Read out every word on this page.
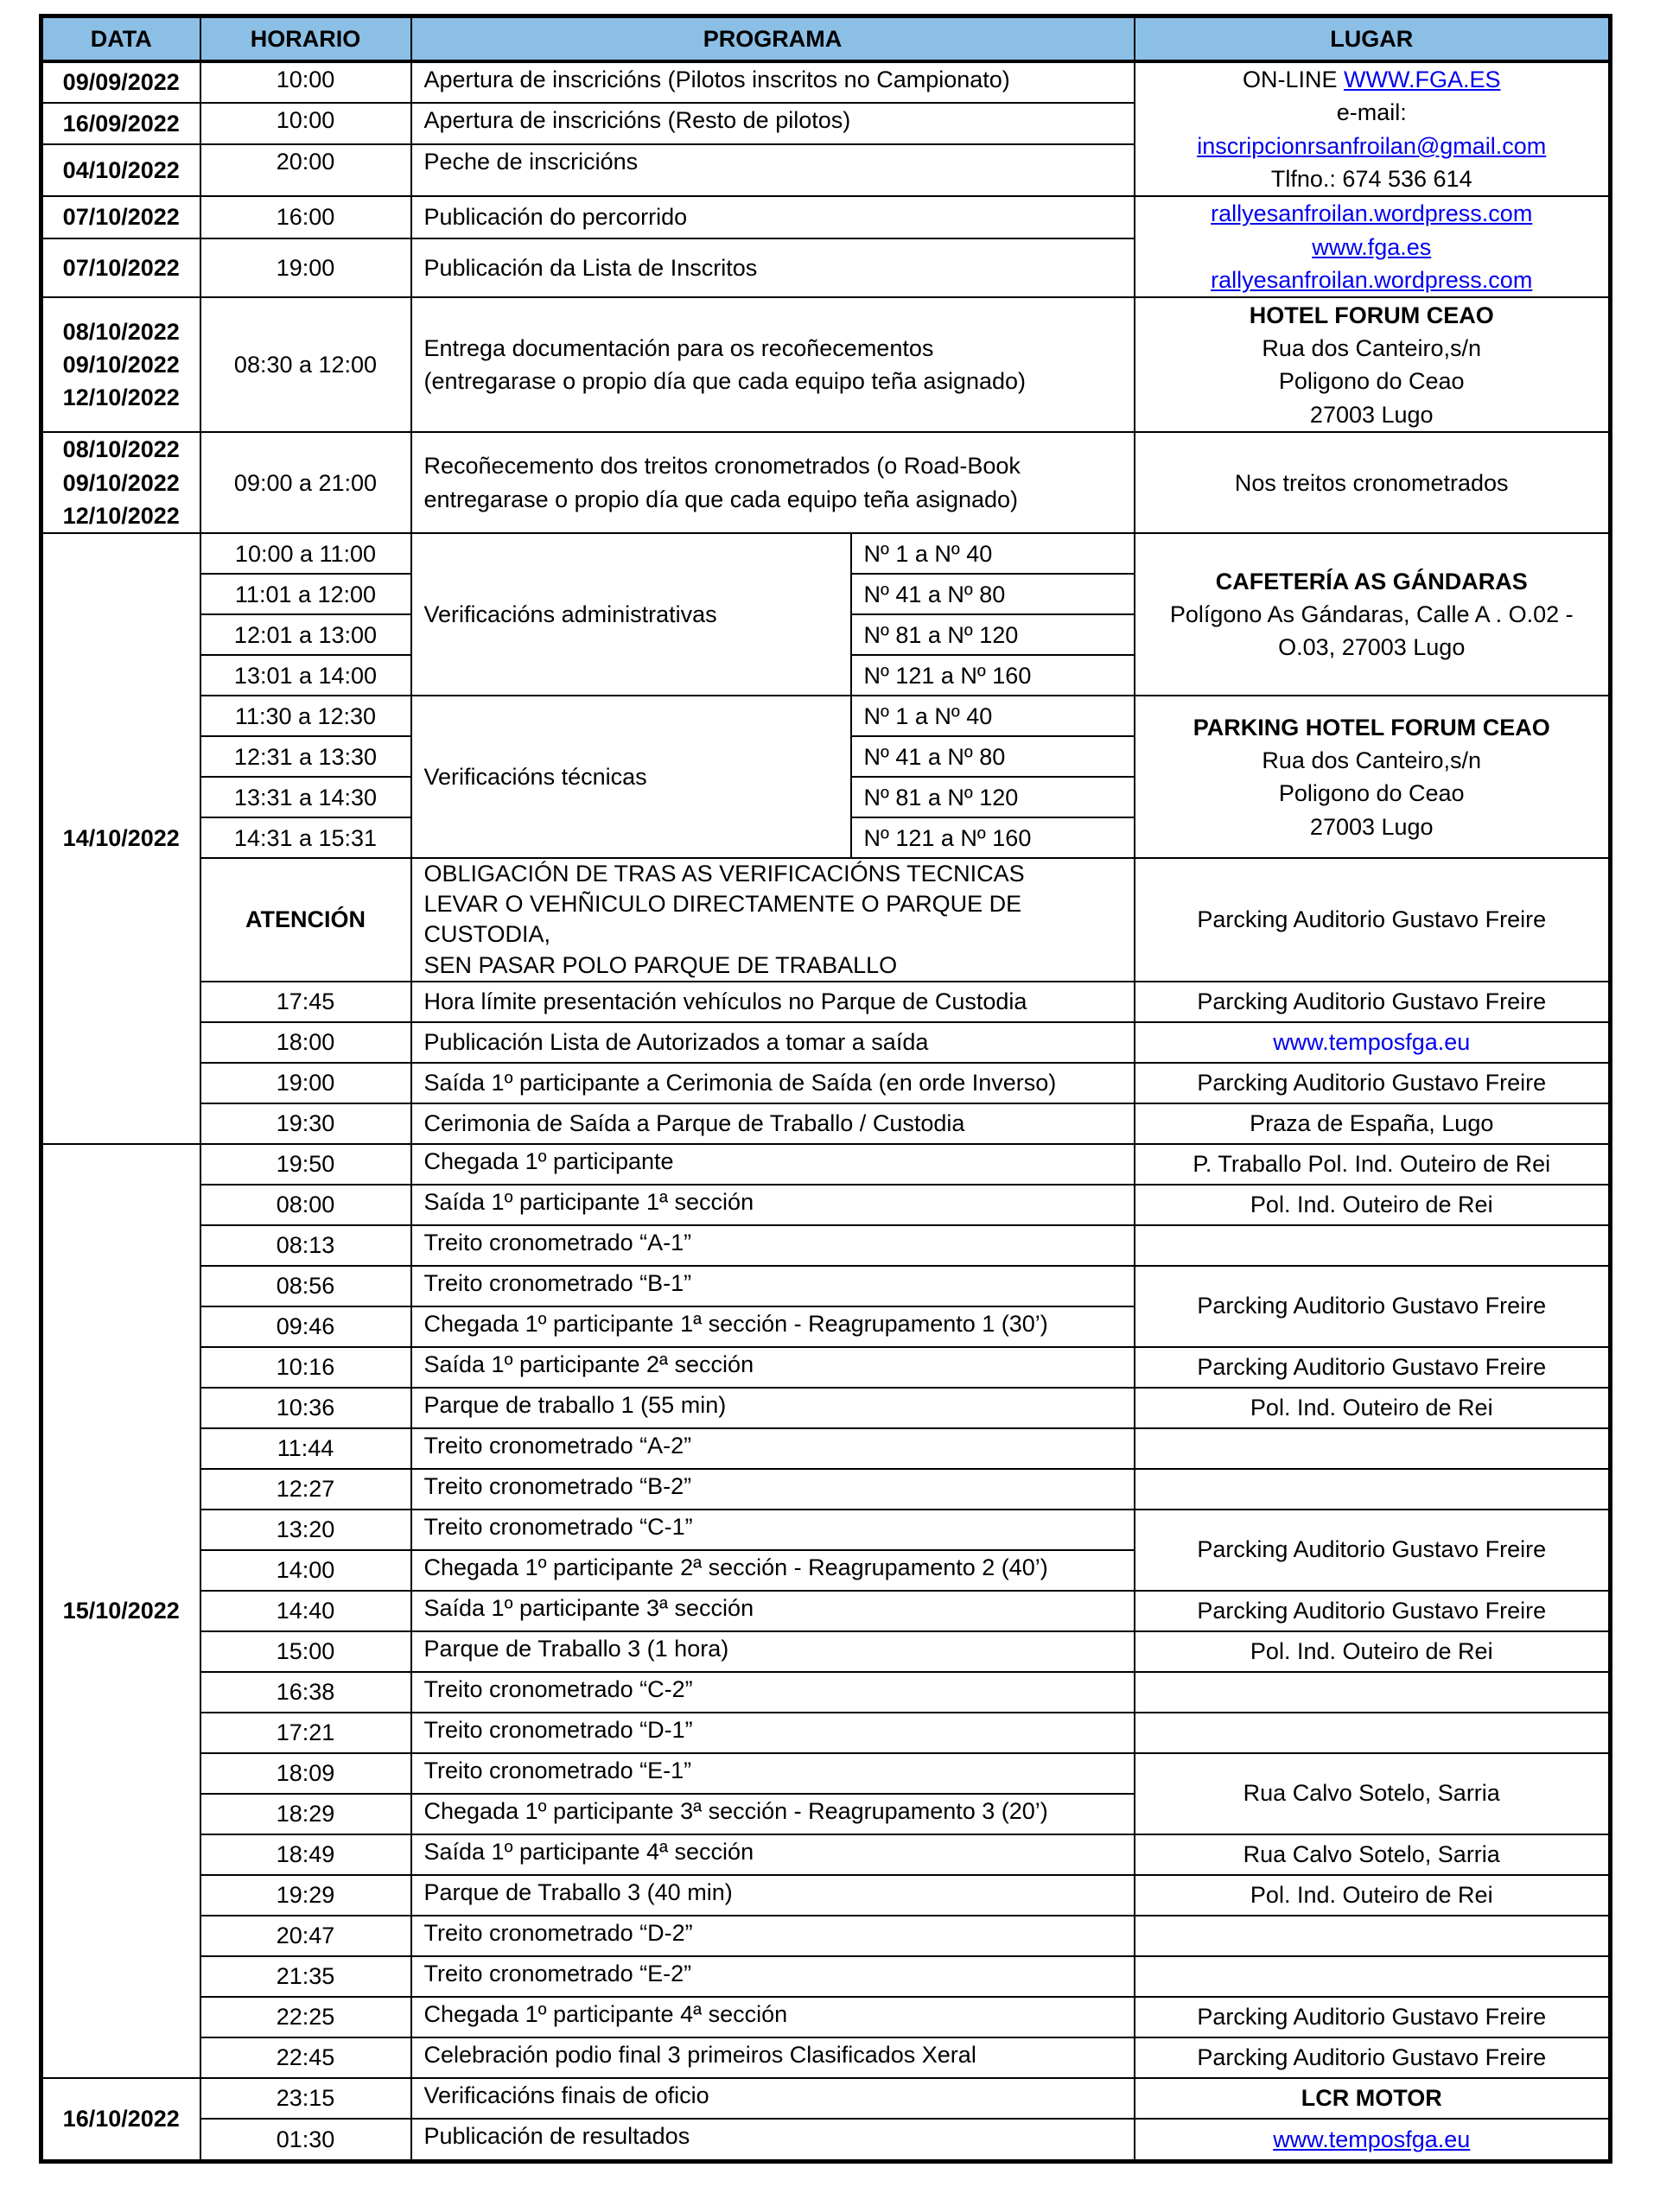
DATA	HORARIO	PROGRAMA		LUGAR
09/09/2022	10:00	Apertura de inscricións (Pilotos inscritos no Campionato)		ON-LINE WWW.FGA.ES
e-mail:
inscripcionrsanfroilan@gmail.com
Tlfno.: 674 536 614

16/09/2022	10:00	Apertura de inscricións (Resto de pilotos)		
04/10/2022	20:00	Peche de inscricións		
07/10/2022	16:00	Publicación do percorrido		rallyesanfroilan.wordpress.com
www.fga.es
rallyesanfroilan.wordpress.com

07/10/2022	19:00	Publicación da Lista de Inscritos		

08/10/2022
09/10/2022
12/10/2022
	08:30 a 12:00	
Entrega documentación para os recoñecementos
(entregarase o propio día que cada equipo teña asignado)

HOTEL FORUM CEAO
Rua dos Canteiro,s/n
Poligono do Ceao
27003 Lugo

08/10/2022
09/10/2022
12/10/2022
	09:00 a 21:00	
Recoñecemento dos treitos cronometrados (o Road-Book
entregarase o propio día que cada equipo teña asignado)
	Nos treitos cronometrados
14/10/2022	10:00 a 11:00	Verificacións administrativas	Nº 1 a Nº 40	CAFETERÍA AS GÁNDARAS
Polígono As Gándaras, Calle A . O.02 -
O.03, 27003 Lugo

	11:01 a 12:00		Nº 41 a Nº 80	
	12:01 a 13:00		Nº 81 a Nº 120	
	13:01 a 14:00		Nº 121 a Nº 160	
	11:30 a 12:30	Verificacións técnicas	Nº 1 a Nº 40	PARKING HOTEL FORUM CEAO
Rua dos Canteiro,s/n
Poligono do Ceao
27003 Lugo

	12:31 a 13:30		Nº 41 a Nº 80	
	13:31 a 14:30		Nº 81 a Nº 120	
	14:31 a 15:31		Nº 121 a Nº 160	
	ATENCIÓN	OBLIGACIÓN DE TRAS AS VERIFICACIÓNS TECNICAS
LEVAR O VEHÑICULO DIRECTAMENTE O PARQUE DE CUSTODIA,
SEN PASAR POLO PARQUE DE TRABALLO		Parcking Auditorio Gustavo Freire
	17:45	Hora límite presentación vehículos no Parque de Custodia		Parcking Auditorio Gustavo Freire
	18:00	Publicación Lista de Autorizados a tomar a saída		www.temposfga.eu
	19:00	Saída 1º participante a Cerimonia de Saída (en orde Inverso)		Parcking Auditorio Gustavo Freire
	19:30	Cerimonia de Saída a Parque de Traballo / Custodia		Praza de España, Lugo
15/10/2022	19:50	Chegada 1º participante		P. Traballo Pol. Ind. Outeiro de Rei
	08:00	Saída 1º participante 1ª sección		Pol. Ind. Outeiro de Rei
	08:13	Treito cronometrado “A-1”		
	08:56	Treito cronometrado “B-1”		Parcking Auditorio Gustavo Freire
	09:46	Chegada 1º participante 1ª sección - Reagrupamento 1 (30’)		
	10:16	Saída 1º participante 2ª sección		Parcking Auditorio Gustavo Freire
	10:36	Parque de traballo 1 (55 min)		Pol. Ind. Outeiro de Rei
	11:44	Treito cronometrado “A-2”		
	12:27	Treito cronometrado “B-2”		
	13:20	Treito cronometrado “C-1”		Parcking Auditorio Gustavo Freire
	14:00	Chegada 1º participante 2ª sección - Reagrupamento 2 (40’)		
	14:40	Saída 1º participante 3ª sección		Parcking Auditorio Gustavo Freire
	15:00	Parque de Traballo 3 (1 hora)		Pol. Ind. Outeiro de Rei
	16:38	Treito cronometrado “C-2”		
	17:21	Treito cronometrado “D-1”		
	18:09	Treito cronometrado “E-1”		Rua Calvo Sotelo, Sarria
	18:29	Chegada 1º participante 3ª sección - Reagrupamento 3 (20’)		
	18:49	Saída 1º participante 4ª sección		Rua Calvo Sotelo, Sarria
	19:29	Parque de Traballo 3 (40 min)		Pol. Ind. Outeiro de Rei
	20:47	Treito cronometrado “D-2”		
	21:35	Treito cronometrado “E-2”		
	22:25	Chegada 1º participante 4ª sección		Parcking Auditorio Gustavo Freire
	22:45	Celebración podio final 3 primeiros Clasificados Xeral		Parcking Auditorio Gustavo Freire
16/10/2022	23:15	Verificacións finais de oficio		LCR MOTOR
	01:30	Publicación de resultados		www.temposfga.eu
